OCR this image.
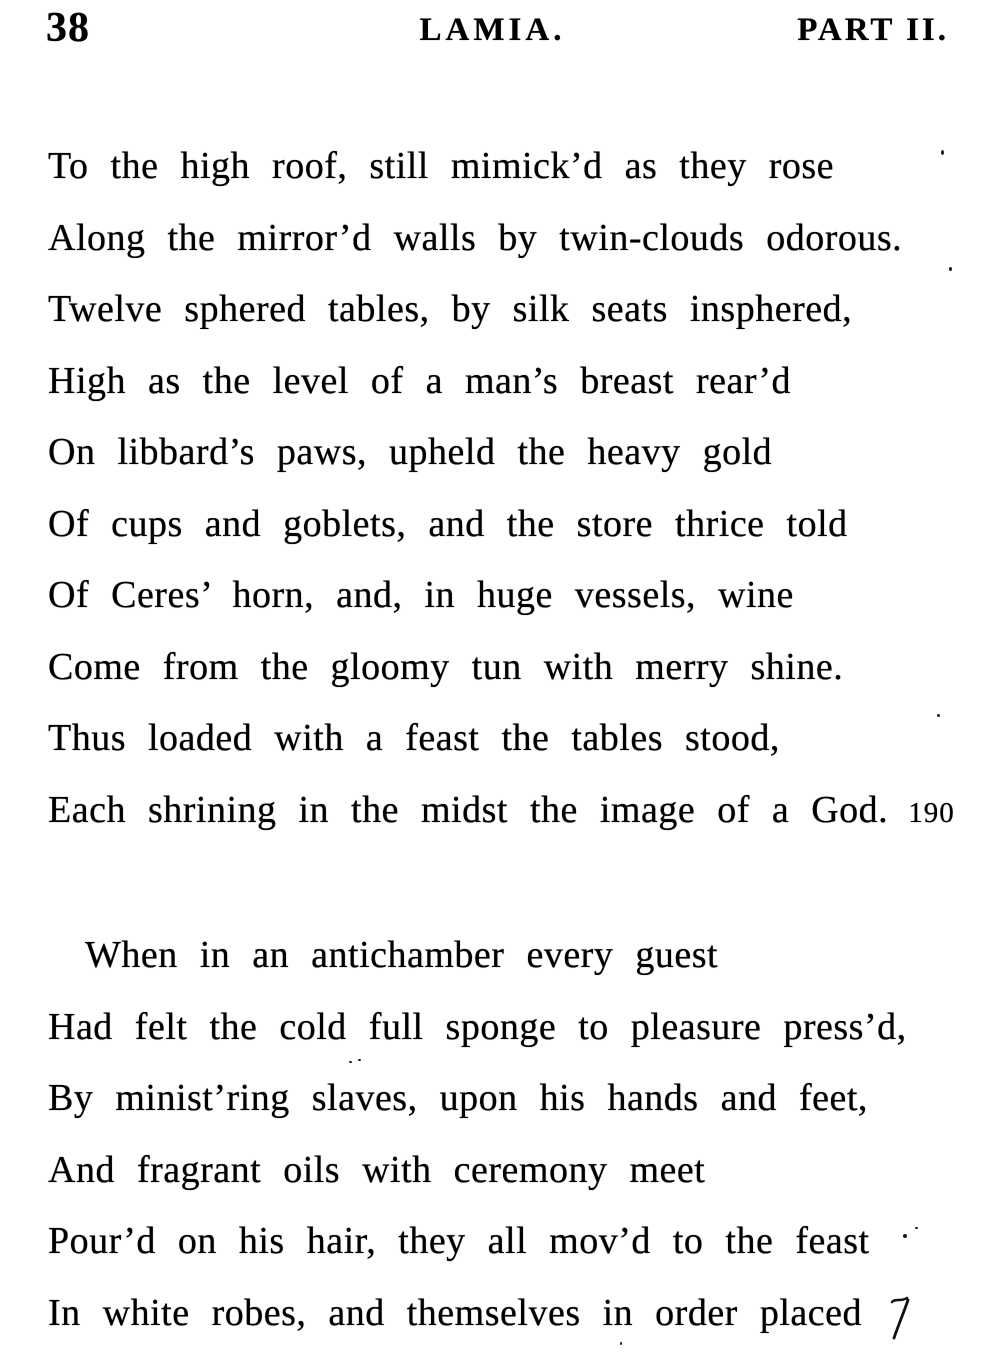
38	LAMIA.	PART II.
To the high roof, still mimick’d as they rose
Along the mirror’d walls by twin-clouds odorous.
Twelve sphered tables, by silk seats insphered,
High as the level of a man’s breast rear’d
On libbard’s paws, upheld the heavy gold
Of cups and goblets, and the store thrice told
Of Ceres’ horn, and, in huge vessels, wine
Come from the gloomy tun with merry shine.
Thus loaded with a feast the tables stood,
Each shrining in the midst the image of a God. 190
When in an antichamber every guest
Had felt the cold full sponge to pleasure press’d,
By minist’ring slaves, upon his hands and feet,
And fragrant oils with ceremony meet
Pour’d on his hair, they all mov’d to the feast
In white robes, and themselves in order placed
